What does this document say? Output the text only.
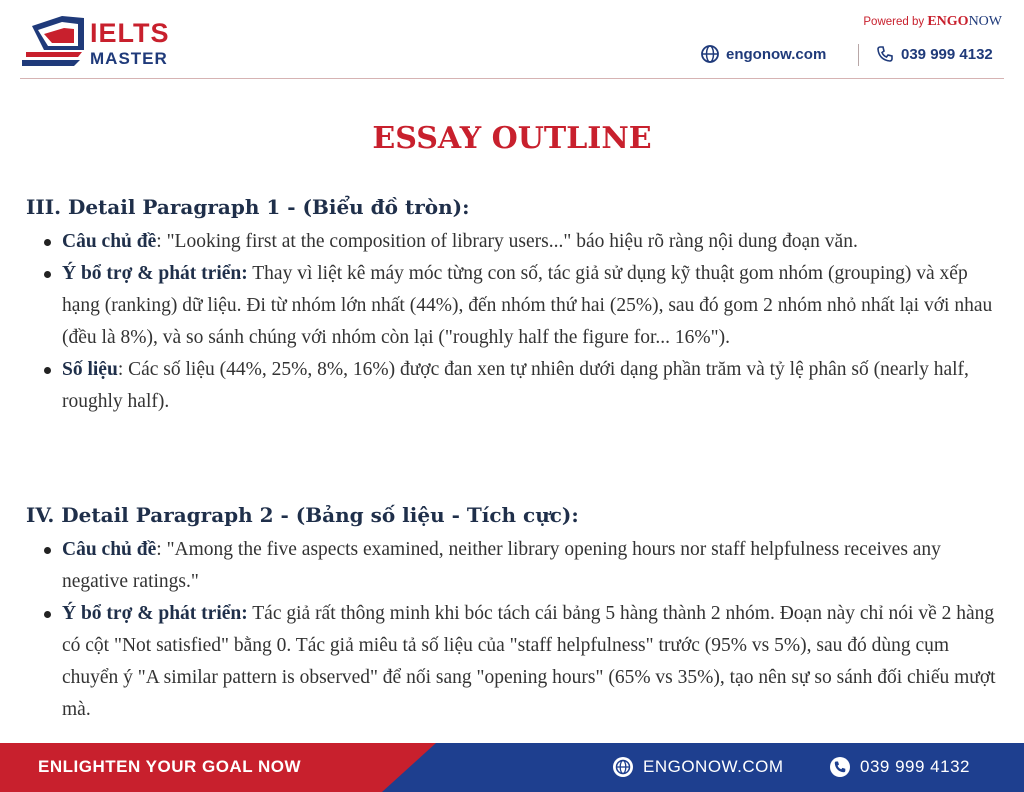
IELTS
MASTER
Powered by ENGONOW
engonow.com	039 999 4132
ESSAY OUTLINE
III. Detail Paragraph 1 - (Biểu đồ tròn):
Câu chủ đề: "Looking first at the composition of library users..." báo hiệu rõ ràng nội dung đoạn văn.
Ý bổ trợ & phát triển: Thay vì liệt kê máy móc từng con số, tác giả sử dụng kỹ thuật gom nhóm (grouping) và xếp hạng (ranking) dữ liệu. Đi từ nhóm lớn nhất (44%), đến nhóm thứ hai (25%), sau đó gom 2 nhóm nhỏ nhất lại với nhau (đều là 8%), và so sánh chúng với nhóm còn lại ("roughly half the figure for... 16%").
Số liệu: Các số liệu (44%, 25%, 8%, 16%) được đan xen tự nhiên dưới dạng phần trăm và tỷ lệ phân số (nearly half, roughly half).
IV. Detail Paragraph 2 - (Bảng số liệu - Tích cực):
Câu chủ đề: "Among the five aspects examined, neither library opening hours nor staff helpfulness receives any negative ratings."
Ý bổ trợ & phát triển: Tác giả rất thông minh khi bóc tách cái bảng 5 hàng thành 2 nhóm. Đoạn này chỉ nói về 2 hàng có cột "Not satisfied" bằng 0. Tác giả miêu tả số liệu của "staff helpfulness" trước (95% vs 5%), sau đó dùng cụm chuyển ý "A similar pattern is observed" để nối sang "opening hours" (65% vs 35%), tạo nên sự so sánh đối chiếu mượt mà.
ENLIGHTEN YOUR GOAL NOW	ENGONOW.COM	039 999 4132
